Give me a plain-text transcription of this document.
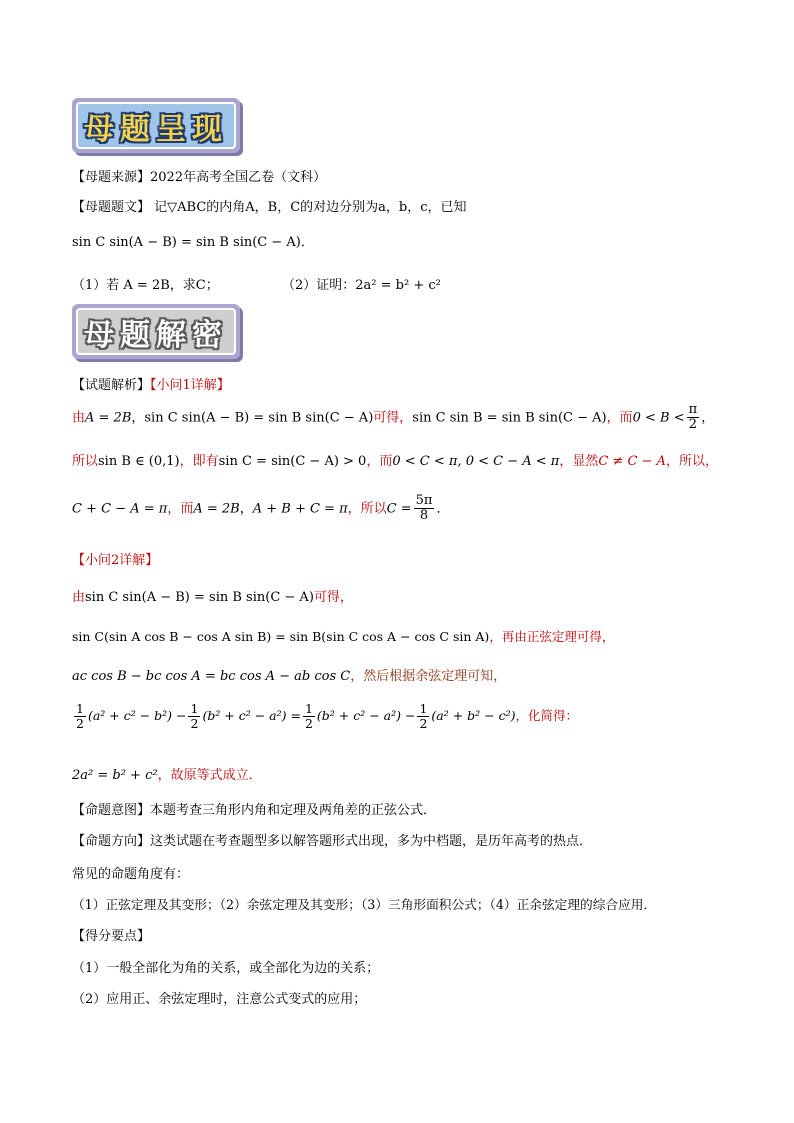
母题呈现
【母题来源】2022年高考全国乙卷（文科）
【母题题文】 记▽ABC的内角A，B，C的对边分别为a，b，c，已知
sin C sin(A − B) = sin B sin(C − A)．
（1）若 A = 2B，求C；	（2）证明：2a² = b² + c²
母题解密
【试题解析】【小问1详解】
由A = 2B，sin C sin(A − B) = sin B sin(C − A)可得，sin C sin B = sin B sin(C − A)，而$0 < B < \frac{\pi}{2}$ ，
所以sin B ∈ (0,1)，即有sin C = sin(C − A) > 0，而0 < C < π, 0 < C − A < π，显然C ≠ C − A，所以，
C + C − A = π，而A = 2B，A + B + C = π，所以$C = \frac{5\pi}{8}$ ．
【小问2详解】
由sin C sin(A − B) = sin B sin(C − A)可得，
sin C(sin A cos B − cos A sin B) = sin B(sin C cos A − cos C sin A)，再由正弦定理可得，
ac cos B − bc cos A = bc cos A − ab cos C，然后根据余弦定理可知，
$\frac{1}{2} (a^2 + c^2 - b^2) - \frac{1}{2} (b^2 + c^2 - a^2) = \frac{1}{2} (b^2 + c^2 - a^2) - \frac{1}{2} (a^2 + b^2 - c^2)$，化简得：
2a² = b² + c²，故原等式成立．
【命题意图】本题考查三角形内角和定理及两角差的正弦公式．
【命题方向】这类试题在考查题型多以解答题形式出现，多为中档题，是历年高考的热点．
常见的命题角度有：
（1）正弦定理及其变形；（2）余弦定理及其变形；（3）三角形面积公式；（4）正余弦定理的综合应用．
【得分要点】
（1）一般全部化为角的关系，或全部化为边的关系；
（2）应用正、余弦定理时，注意公式变式的应用；
